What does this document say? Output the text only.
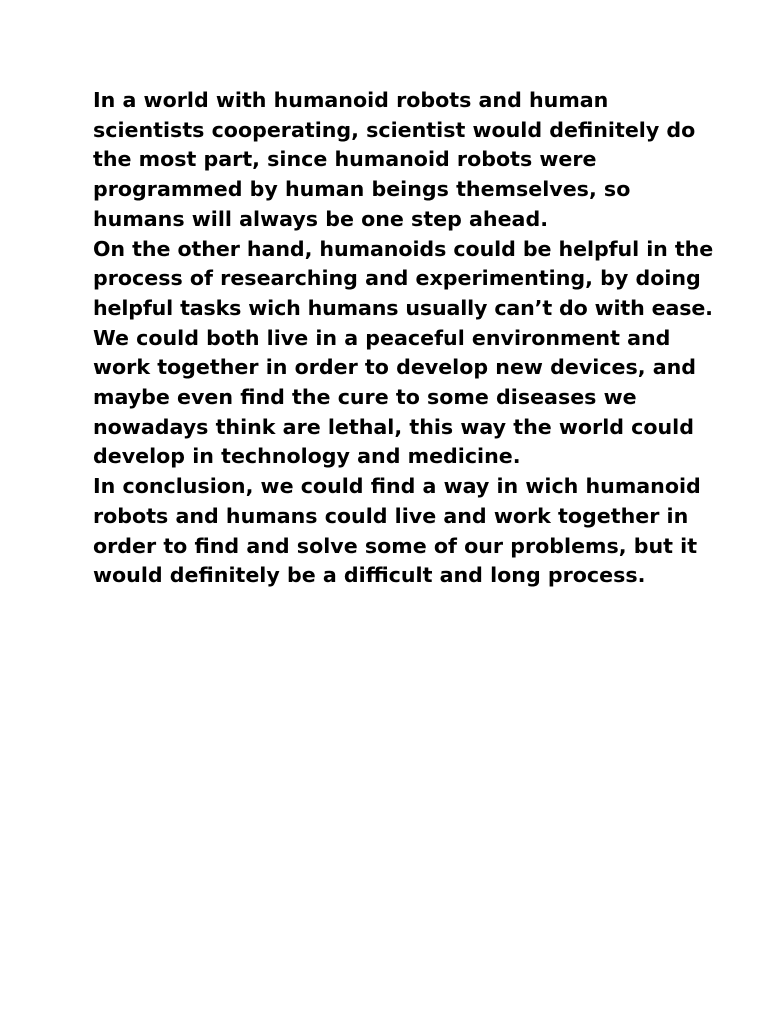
In a world with humanoid robots and human
scientists cooperating, scientist would definitely do
the most part, since humanoid robots were
programmed by human beings themselves, so
humans will always be one step ahead.
On the other hand, humanoids could be helpful in the
process of researching and experimenting, by doing
helpful tasks wich humans usually can’t do with ease.
We could both live in a peaceful environment and
work together in order to develop new devices, and
maybe even find the cure to some diseases we
nowadays think are lethal, this way the world could
develop in technology and medicine.
In conclusion, we could find a way in wich humanoid
robots and humans could live and work together in
order to find and solve some of our problems, but it
would definitely be a difficult and long process.
